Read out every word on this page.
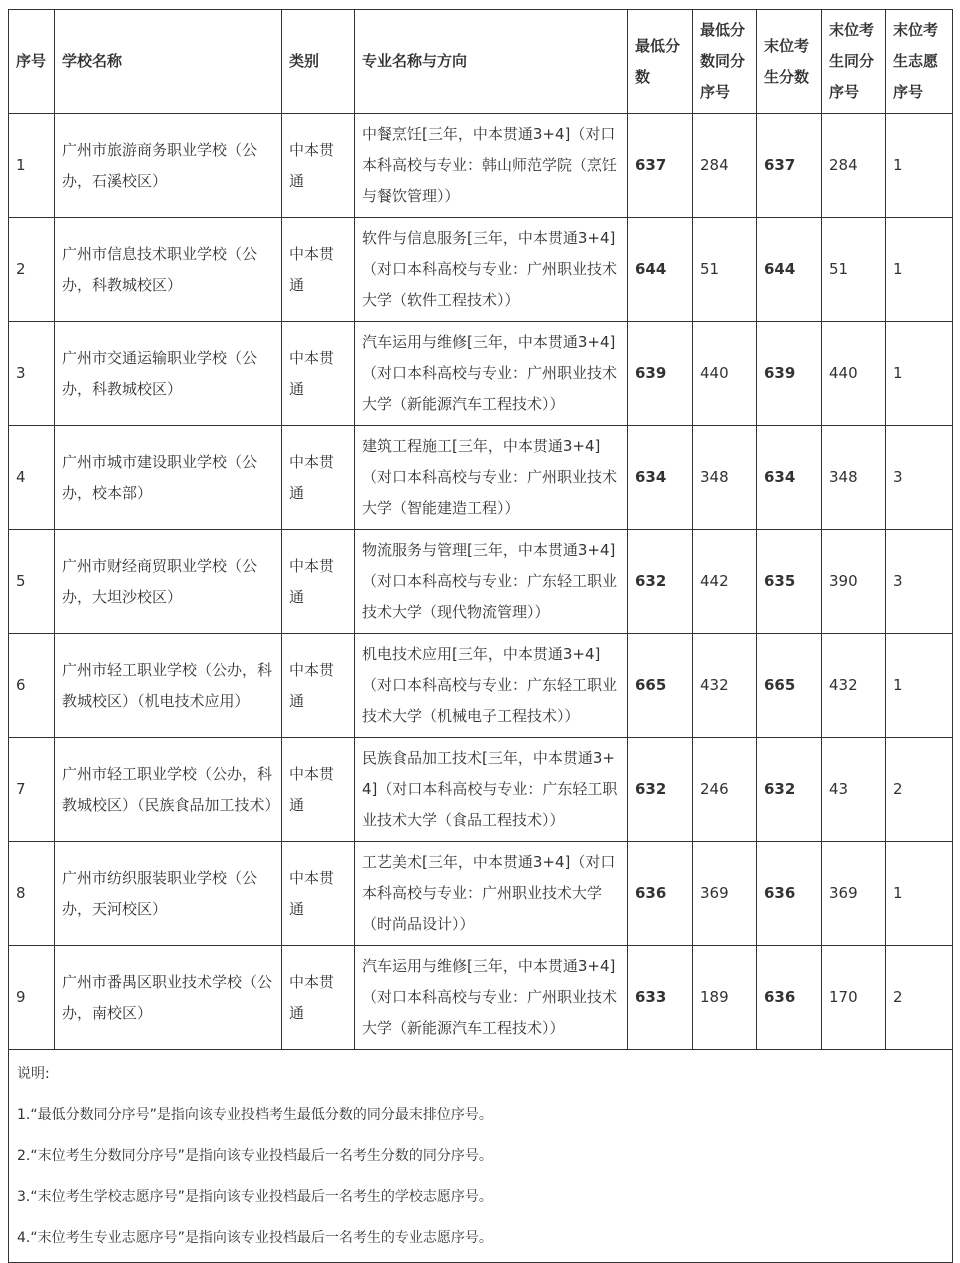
序号	学校名称	类别	专业名称与方向	最低分数	最低分数同分序号	末位考生分数	末位考生同分序号	末位考生志愿序号
1	广州市旅游商务职业学校（公办，石溪校区）	中本贯通	中餐烹饪[三年，中本贯通3+4]（对口本科高校与专业：韩山师范学院（烹饪与餐饮管理））	637	284	637	284	1
2	广州市信息技术职业学校（公办，科教城校区）	中本贯通	软件与信息服务[三年，中本贯通3+4]（对口本科高校与专业：广州职业技术大学（软件工程技术））	644	51	644	51	1
3	广州市交通运输职业学校（公办，科教城校区）	中本贯通	汽车运用与维修[三年，中本贯通3+4]（对口本科高校与专业：广州职业技术大学（新能源汽车工程技术））	639	440	639	440	1
4	广州市城市建设职业学校（公办，校本部）	中本贯通	建筑工程施工[三年，中本贯通3+4]（对口本科高校与专业：广州职业技术大学（智能建造工程））	634	348	634	348	3
5	广州市财经商贸职业学校（公办，大坦沙校区）	中本贯通	物流服务与管理[三年，中本贯通3+4]（对口本科高校与专业：广东轻工职业技术大学（现代物流管理））	632	442	635	390	3
6	广州市轻工职业学校（公办，科教城校区）（机电技术应用）	中本贯通	机电技术应用[三年，中本贯通3+4]（对口本科高校与专业：广东轻工职业技术大学（机械电子工程技术））	665	432	665	432	1
7	广州市轻工职业学校（公办，科教城校区）（民族食品加工技术）	中本贯通	民族食品加工技术[三年，中本贯通3+4]（对口本科高校与专业：广东轻工职业技术大学（食品工程技术））	632	246	632	43	2
8	广州市纺织服装职业学校（公办，天河校区）	中本贯通	工艺美术[三年，中本贯通3+4]（对口本科高校与专业：广州职业技术大学（时尚品设计））	636	369	636	369	1
9	广州市番禺区职业技术学校（公办，南校区）	中本贯通	汽车运用与维修[三年，中本贯通3+4]（对口本科高校与专业：广州职业技术大学（新能源汽车工程技术））	633	189	636	170	2

说明:
1.“最低分数同分序号”是指向该专业投档考生最低分数的同分最末排位序号。
2.“末位考生分数同分序号”是指向该专业投档最后一名考生分数的同分序号。
3.“末位考生学校志愿序号”是指向该专业投档最后一名考生的学校志愿序号。
4.“末位考生专业志愿序号”是指向该专业投档最后一名考生的专业志愿序号。								
